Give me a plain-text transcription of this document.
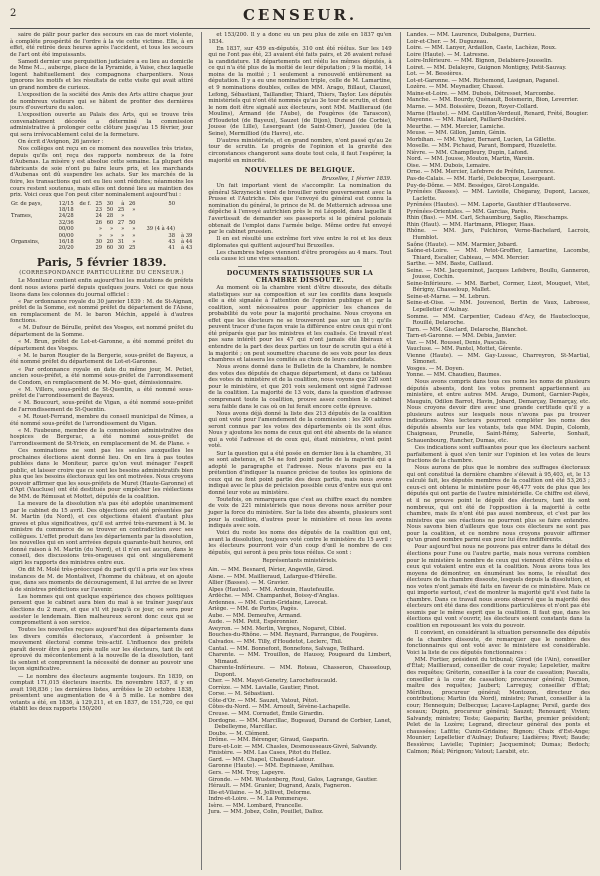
2	CENSEUR.

saire de pâlir pour parler des secours en cas de mort violente, à compléte prospérité de l'ordre à la vie cette victime. Elle, à en effet, été retirée deux heures après l'accident, et tous les secours de l'art ont été impuissants.

Samedi dernier une perquisition judiciaire a eu lieu au domicile de Mme M..., auberge, place de la Pyramide, à Vaise, chez laquelle logent habituellement des compagnons charpentiers. Nous ignorons les motifs et les résultats de cette visite qui avait attiré un grand nombre de curieux.

L'exposition de la société des Amis des Arts attire chaque jour de nombreux visiteurs qui se hâtent de profiter des dernières jours d'ouverture du salon.

L'exposition ouverte au Palais des Arts, qui se trouve très convenablement décorée a déterminé la commission administrative à prolonger cette clôture jusqu'au 15 février, jour qui sera irrévocablement celui de la fermeture.

On écrit d'Avignon, 26 janvier :

Nos collèges ont reçu en ce moment des nouvelles très tristes, depuis qu'ils ont reçu des rapports nombreux de la foire d'Aubenas. La misère y est absolue cette semaine. La plupart des fabricants de soie n'ont pu faire leurs prix, et les marchands d'Aubenas ont dû suspendre les achats. Sur les marchés de la foire, les transactions qui ont eu lieu sont réduites; néanmoins les cours restent soutenus, mais elles ont donné lieu au maintien des prix. Voici ceux que l'on peut citer nominalement aujourd'hui :

Gr. de pays,	12/15	de f.	25	30	à	26	50	
	18/18		23	50	25	»		
Trames,	24/28		24	28	»			
	32/36		26	60	27	50		
	00/00		»	»	»	»	39 (4 à 44)	
	00/00		»	»	»	»	38	à 39
Organsins,	16/18		30	20	31	»	43	à 44
	20/20		29	60	30	25	41	à 43
Paris, 5 février 1839.
(CORRESPONDANCE PARTICULIÈRE DU CENSEUR.)

Le Moniteur contient enfin aujourd'hui les mutations de préfets dont nous avions parlé depuis quelques jours. Voici ce que nous lisons dans les colonnes du journal officiel :

« Par ordonnance royale du 30 janvier 1839 : M. de St-Aignan, préfet de la Somme, est nommé préfet du département de l'Aisne, en remplacement de M. le baron Méchin, appelé à d'autres fonctions.

« M. Dufour de Bérulle, préfet des Vosges, est nommé préfet du département de la Somme.

« M. Brun, préfet de Lot-et-Garonne, a été nommé préfet du département des Vosges.

« M. le baron Rougier de la Bergerie, sous-préfet de Bayeux, a été nommé préfet du département de Lot-et-Garonne.

« Par ordonnance royale en date du même jour, M. Petiet, ancien sous-préfet, a été nommé sous-préfet de l'arrondissement de Condom, en remplacement de M. Mo- quet, démissionnaire.

« M. Villers, sous-préfet de St-Quentin, a été nommé sous-préfet de l'arrondissement de Bayeux.

« M. Boucourt, sous-préfet de Vigan, a été nommé sous-préfet de l'arrondissement de St-Quentin.

« M. Rouet-Ferrand, membre du conseil municipal de Nîmes, a été nommé sous-préfet de l'arrondissement du Vigan.

« M. Faubeune, membre de la commission administrative des hospices de Bergerac, a été nommé sous-préfet de l'arrondissement de St-Yrieix, en remplacement de M. de Plane. »

Ces nominations ne sont pas les seules auxquelles les prochaines élections aient donné lieu. On en lira à pas toutes publiées dans le Moniteur, parce qu'on veut ménager l'esprit public, et laisser croire que ce sont les besoins administratifs bien plus que les besoins électoraux qui les ont motivées. Nous croyons pouvoir affirmer que les sous-préfets de Muret (Haute-Garonne) et d'Apt (Vaucluse) ont été destitués pour empêcher les réélections de MM. de Rémusat et Mottet, députés de la coalition.

La mesure de la dissolution n'a pas été adoptée unanimement par le cabinet du 15 avril. Des objections ont été présentées par M. Martin (du Nord), et ces objections étaient d'autant plus graves et plus significatives, qu'il est arrivé très-rarement à M. le ministre du commerce de se trouver en contradiction avec ses collègues. L'effet produit dans les départements par la dissolution, les nouvelles qui en sont arrivées depuis quarante-huit heures, ont donné raison à M. Martin (du Nord), et il n'en est aucun, dans le conseil, des discussions très-orageuses qui ont singulièrement aigri les rapports des ministres entre eux.

On dit M. Molé très-préoccupé du parti qu'il a pris sur les vives instances de M. de Montalivet, l'homme du château, et on ajoute que, dans ses moments de découragement, il lui arrive de se livrer à de sinistres prédictions sur l'avenir.

Les hommes qui ont quelque expérience des choses politiques pensent que le cabinet aura bien du mal à se traîner jusqu'aux élections du 2 mars, et que s'il vit jusqu'à ce jour, ce sera pour assister le lendemain. Bien malheureux seront donc ceux qui se compromettent à son service.

Toutes les nouvelles reçues aujourd'hui des départements dans les divers comités électoraux, s'accordent à présenter le mouvement électoral comme très-actif. L'influence des préfets paraît devoir être à peu près nulle sur les électeurs, tant ils ont éprouvé du mécontentement à la nouvelle de la dissolution, tant ils sentent et comprennent la nécessité de donner au pouvoir une leçon significative.

— Le nombre des électeurs augmente toujours. En 1839, on comptait 171,015 électeurs inscrits. En novembre 1837, il y en avait 198,836 ; les dernières listes, arrêtées le 20 octobre 1838, présentent une augmentation de 4 à 5 mille. Le nombre des votants a été, en 1836, à 129,211, et en 1837, de 151,720, ce qui établit les deux rapports 150/200

et 153/200. Il y a donc eu un peu plus de zèle en 1837 qu'en 1834.

En 1837, sur 459 ex-députés, 310 ont été réélus. Sur les 149 qui ne l'ont pas été, 23 avaient été faits pairs, et 26 avaient refusé la candidature. 18 départements ont réélu les mêmes députés, à ce qui n'a été plus de la moitié de leur députation ; 9 la moitié, 14 moins de la moitié ; 1 seulement a renouvelé entièrement sa députation. Il y a eu une nomination triple, celle de M. Lamartine, et 9 nominations doubles, celles de MM. Arago, Billaut, Clauzel, Lefong, Sébastiani, Taillandier, Thiard, Thiers, Taylor. Les députés ministériels qui n'ont été nommés qu'au 3e tour de scrutin, et dont le nom doit être signalé aux électeurs, sont MM. Maillieraud (de Moulins), Armand (de l'Aube), de Fougères (de Tarascon), d'Houdetot (de Bayeux), Sauzet (de Dijon), Durand (de Corbie), Jousse (de Lille), Lesergeant (de Saint-Omer), Jussieu (de la Seine), Mermilliod (du Havre), etc.

D'autres ministériels, et en grand nombre, n'ont passé qu'au 2e tour de scrutin. Le progrès de l'opinion et la gravité des circonstances changeront sans doute tout cela, il faut l'espérer, la majorité en minorité.

NOUVELLES DE BELGIQUE.
Bruxelles, 1 février 1839.

Un fait important vient de s'accomplir. La nomination du général Skrzynecki vient de brouiller notre gouvernement avec la Prusse et l'Autriche. Dès que l'envoyé du général eut connu la nomination du général, le prince de M. de Metternich adressa une dépêche à l'envoyé autrichien près le roi Léopold, dans laquelle il l'avertissait de demander ses passeports si le général polonais obtenait de l'emploi dans l'armée belge. Même ordre fut envoyé par le cabinet prussien.

Il en est résulté une extrême fort vive entre le roi et les deux diplomates qui quittent aujourd'hui Bruxelles.

Les chambres belges viennent d'être prorogées au 4 mars. Tout cela cause ici une vive sensation.

DOCUMENTS STATISTIQUES SUR LA CHAMBRE DISSOUTE.

Au moment où la chambre vient d'être dissoute, des détails statistiques sur sa composition et sur les conflits dans lesquels elle a été signalée à l'attention de l'opinion publique et par la coalition, sont nécessaires pour apprécier les chances de probabilité du vote pour la majorité prochaine. Nous croyons en effet que les électeurs ne se trouveront pas sur un lit ; qu'ils peuvent tracer d'une façon vraie la différence entre ceux qui n'ont été préparés que par les ministres et les coalisés. Ce travail n'est pas sans intérêt pour les 47 qui n'ont jamais été libéraux et entendre de la part des deux parties un tour de scrutin qui a été à la majorité ; on peut soumettre chacune de ses voix pour les deux chambres et laissera les comités au choix de leurs candidats.

Nous avons donné dans le Bulletin de la Chambre, le nombre des votes des députés de chaque département, et dans ce tableau des votes du ministère et de la coalition, nous voyons que 220 sont pour le ministère, et que 201 voix seulement ont signé l'adresse de la coalition. La majorité de 13 voix, dans la question d'adresse comprenant toute la coalition, prouve assez combien le cabinet sera faible dans le cas où on lui ferait encore cette épreuve.

Nous avons déjà donné la liste des 213 députés de la coalition qui ont voté pour l'amendement de la commission : les 200 autres seront connus par les votes des départements où ils sont élus. Nous y ajoutons les noms de ceux qui ont été absents de la séance qui a voté l'adresse et de ceux qui, étant ministres, n'ont point voté.

Sur la question qui a été posée en dernier lieu à la chambre, 31 se sont abstenus, et 54 ne font point partie de la majorité qui a adopté le paragraphe et l'adresse. Nous n'avons pas eu la prétention d'indiquer la nuance précise de toutes les opinions de ceux qui ne font point partie des deux partis, mais nous avons indiqué avec le plus de précision possible ceux d'entre eux qui ont donné leur vote au ministère.

Toutefois, on remarquera que c'est au chiffre exact du nombre de voix de 221 ministériels que nous devons nous arrêter pour juger la force du ministère. Sur la liste des absents, plusieurs sont pour la coalition, d'autres pour le ministère et nous les avons indiqués avec soin.

Voici du reste les noms des députés de la coalition qui ont, avant la dissolution, toujours voté contre le ministère du 15 avril : les électeurs pourront voir d'un coup d'œil le nombre de ces députés, qui seront à peu près tous réélus. Ce sont :

Représentants ministériels.
Ain. — MM. Besnard, Périer, Angeville, Girod.
Aisne. — MM. Maillieraud, Lafargue-d'Hérelle.
Allier (Basses). — M. Gravier.
Alpes (Hautes). — MM. Ardouin, Hautefeuille.
Ardèche. — MM. Champanhet, Boissy-d'Anglas.
Ardennes. — MM. Cunin-Gridaine, Lavocat.
Ariège. — MM. de Portes, Pagès.
Aube. — MM. Demeufve, Armand.
Aude. — MM. Petit, Espéronnier.
Aveyron. — MM. Merlin, Vergnes, Nogaret, Cibiel.
Bouches-du-Rhône. — MM. Reynard, Parrangue, de Fougères.
Calvados. — MM. Tilly, d'Houdetot, Leclerc, Thil.
Cantal. — MM. Bonnefont, Bonnefons, Salvage, Teilhard.
Charente. — MM. Trouillon, de Haussy, Pougeard du Limbert, Mimaud.
Charente-Inférieure. — MM. Roteau, Chasseron, Chasseloup, Dupont.
Cher. — MM. Mayet-Genetry, Larochefoucauld.
Corrèze. — MM. Lavialle, Gautier, Finot.
Corse. — M. Sébastiani.
Côte-d'Or. — MM. Sauzet, Vatout, Pétot.
Côtes-du-Nord. — MM. Arnoult, Sévène-Lachapelle.
Creuse. — MM. Cornudet, Émile Girardin.
Dordogne. — MM. Marcillac, Bugeaud, Durand de Corbier, Lanet, Debelleyme, Marcillac.
Doubs. — M. Clément.
Drôme. — MM. Bérenger, Giraud, Gasparin.
Eure-et-Loir. — MM. Chasles, Desmousseaux-Givré, Salvandy.
Finistère. — MM. Las Cases, Pitot du Hellez.
Gard. — MM. Chapel, Chabaud-Latour.
Garonne (Haute). — MM. Espinasse, Amilhau.
Gers. — MM. Troy, Lapeyre.
Gironde. — MM. Wustenberg, Roul, Galos, Lagrange, Gautier.
Hérault. — MM. Granier, Dugrand, Azaïs, Fagneron.
Ille-et-Vilaine. — M. Jollivet, Delorme.
Indre-et-Loire. — M. La Pommeraye.
Isère. — MM. Lombard, Francelle.
Jura. — MM. Jobez, Colin, Pouillet, Dalloz.
Landes. — MM. Laurence, Dubalgens, Durrieu.
Loir-et-Cher. — M. Duguzeau.
Loire. — MM. Lanyer, Ardaillon, Caste, Lachèze, Roux.
Loire (Haute). — M. Latresne.
Loire-Inférieure. — MM. Bignon, Delabiere-Jousselin.
Loiret. — MM. Delaleyre, Guignon Montigny, Petit-Sauvay.
Lot. — M. Bessières.
Lot-et-Garonne. — MM. Richemond, Lasignan, Paganel.
Lozère. — MM. Meynadier, Chassé.
Maine-et-Loire. — MM. Dubois, Détresset, Marcombe.
Manche. — MM. Bourdy, Quénault, Boismerin, Bion, Leverrier.
Marne. — MM. Boissière, Dozon, Royer-Collard.
Marne (Haute). — MM. Castillon-Verdeuil, Renard, Frété, Bougier.
Mayenne. — MM. Rialard, Paillard-Ducléré.
Meurthe. — MM. Mercier, Lamiche.
Meuse. — MM. Gillon, Jamin, Génin.
Morbihan. — MM. Vigier, Bernard, Lucien, La Gillette.
Moselle. — MM. Pichaud, Parant, Bompard, Huzelette.
Nièvre. — MM. Champfleury, Dupin, Lafond.
Nord. — MM. Jousse, Mouton, Martin, Warein.
Oise. — MM. Dubois, Lemaire.
Orne. — MM. Mercier, Lefebvre de Préfeln, Laurence.
Pas-de-Calais. — MM. Harlé, Delebecque, Lesergeant.
Puy-de-Dôme. — MM. Bességes, Girot-Longalde.
Pyrénées (Basses). — MM. Laviolle, Chégaray, Dupont, Lacaze, Laclette.
Pyrénées (Hautes). — MM. Laporte, Gauthier d'Hauteserve.
Pyrénées-Orientales. — MM. Garcias, Parès.
Rhin (Bas). — MM. Carl, Schaumburg, Saglio, Rieschamps.
Rhin (Haut). — MM. Hartmann, Pflieger, Haas.
Rhône. — MM. Jars, Fulchiron, Verne-Bachelard, Lacroix, Humblot.
Saône (Haute). — MM. Marmier, Jobard.
Saône-et-Loire. — MM. Petot-Groffier, Lamartine, Lacombe, Thiard, Escalier, Cabieau, — MM. Mercier.
Sarthe. — MM. Baste, Caillaud.
Seine. — MM. Jacqueminot, Jacques Lefebvre, Boullu, Ganneron, Jousse, Cochin.
Seine-Inférieure. — MM. Barbet, Cormer, Lizot, Mouquet, Vitet, Bérigny, Chasseloup, Mallet.
Seine-et-Marne. — M. Lebrun.
Seine-et-Oise. — MM. Jouvencel, Bertin de Vaux, Labrosse, Lepelletier d'Aulnay.
Somme. — MM. Carpentier, Cadeau d'Acy, de Hauteclocque, Rouillé, Delaroche.
Tarn. — MM. Gisclard, Delaroche, Blanchot.
Tarn-et-Garonne. — MM. Debia, Janvier.
Var. — MM. Roussel, Denis, Pascalis.
Vaucluse. — MM. Pantel, Mottet, Gérente.
Vienne (Haute). — MM. Gay-Lussac, Charreyron, St-Martial, Simonet.
Vosges. — M. Doyen.
Yonne. — MM. Chaudieu, Baumes.

Nous avons compris dans tous ces noms les noms de plusieurs députés absents, dont les votes prennent appartiennent au ministère, et entre autres MM. Arago, Dumont, Garnier-Pagès, Mauguin, Odilon Barrot, Havin, Jobard, Demarçay, Demarçay, etc. Nous croyons devoir dire avec une grande certitude qu'il y a plusieurs autres sur lesquels nous n'avons pas pu trouver indications. Nos lecteurs pourront compléter les noms des députés absents sur les votants, tels que MM. Dupin, Colomb, Chaigneau, Prunelle, Saint-Rémy, Salverte, Sonhait, Schauenbourg, Rancher, Dumas, etc.

Ces indications sont suffisantes pour que les électeurs sachent parfaitement à quoi s'en tenir sur l'opinion et les votes de leurs fractions de la chambre.

Nous aurons de plus que le nombre des suffrages électoraux qui ont constitué la dernière chambre s'élevait à 95,403, et, le 13 calculé fait, les députés membres de la coalition ont été 53,263 ; ceux-ci ont obtenu le ministère pour 46,477 voix de plus que les députés qui ont partie de l'autre ministérielle. Ce chiffre est élevé, et il ne prouve point le dégoût des électeurs, tant ils sont nombreux, qui ont été de l'opposition à la majorité à cette chambre, mais ils n'ont été pas aussi nombreux, et c'est par les ministres que ses réactions ne pourront plus se faire entendre. Nous savons bien d'ailleurs que tous ces électeurs ne sont pas pour la coalition, et ce nombre nous croyons pouvoir affirmer qu'un grand nombre parmi eux pour lui être indifférents.

Pour aujourd'hui nous ne pouvons pas entrer dans le détail des élections pour l'une ou l'autre partie, mais nous verrons combien pour le ministère le nombre de ceux qui viennent d'être réélus et ceux qui votaient entre eux et la coalition. Nous avons tous les moyens de démontrer, en énumérant les noms, le résultat des électeurs de la chambre dissoute, lesquels depuis la dissolution, et nos votes n'ont jamais été faits en faveur de ce ministère. Mais ce qui importe surtout, c'est de montrer la majorité qu'il s'est faite la chambre. Dans ce travail nous avons observé que la majorité des électeurs ont été dans des conditions particulières et n'ont pas été soumis par le même esprit que la coalition. Il faut que, dans les élections qui vont s'ouvrir, les électeurs soient constants dans la coalition en repoussant les voix du pouvoir.

Il convient, en considérant la situation personnelle des députés de la chambre dissoute, de remarquer que le nombre des fonctionnaires qui ont voté avec le ministère est considérable. Voici la liste de ces députés fonctionnaires :

MM. Fortier, président du tribunal; Girod (de l'Ain), conseiller d'État; Maillieraud, conseiller de cour royale; Lepeletier, maître des requêtes; Gréterin, conseiller à la cour de cassation; Pascalis, conseiller à la cour de cassation; procureur général; Dumon, maître des requêtes; Jaubert; Larreguy, conseiller d'État; Mérilhou, procureur général; Montozon, directeur des contributions; Martin (du Nord), ministre; Parant, conseiller à la cour; Hennequin; Delbecque; Lacave-Laplagne; Persil, garde des sceaux; Dupin, procureur général; Sauzet; Renouard; Vivien; Salvandy, ministre; Teste; Gasparin; Barthe, premier président; Pelet de la Lozère; Legrand, directeur général des ponts et chaussées; Lafitte; Cunin-Gridaine; Bignon; Chaix d'Est-Ange; Mounier; Lepelletier d'Aulnay; Dufaure; Liadières; Rivet; Baude; Bessières; Lavielle; Tupinier; Jacqueminot; Dumas; Bedoch; Calmon; Réal; Pérignon; Vatout; Larabit, etc.
